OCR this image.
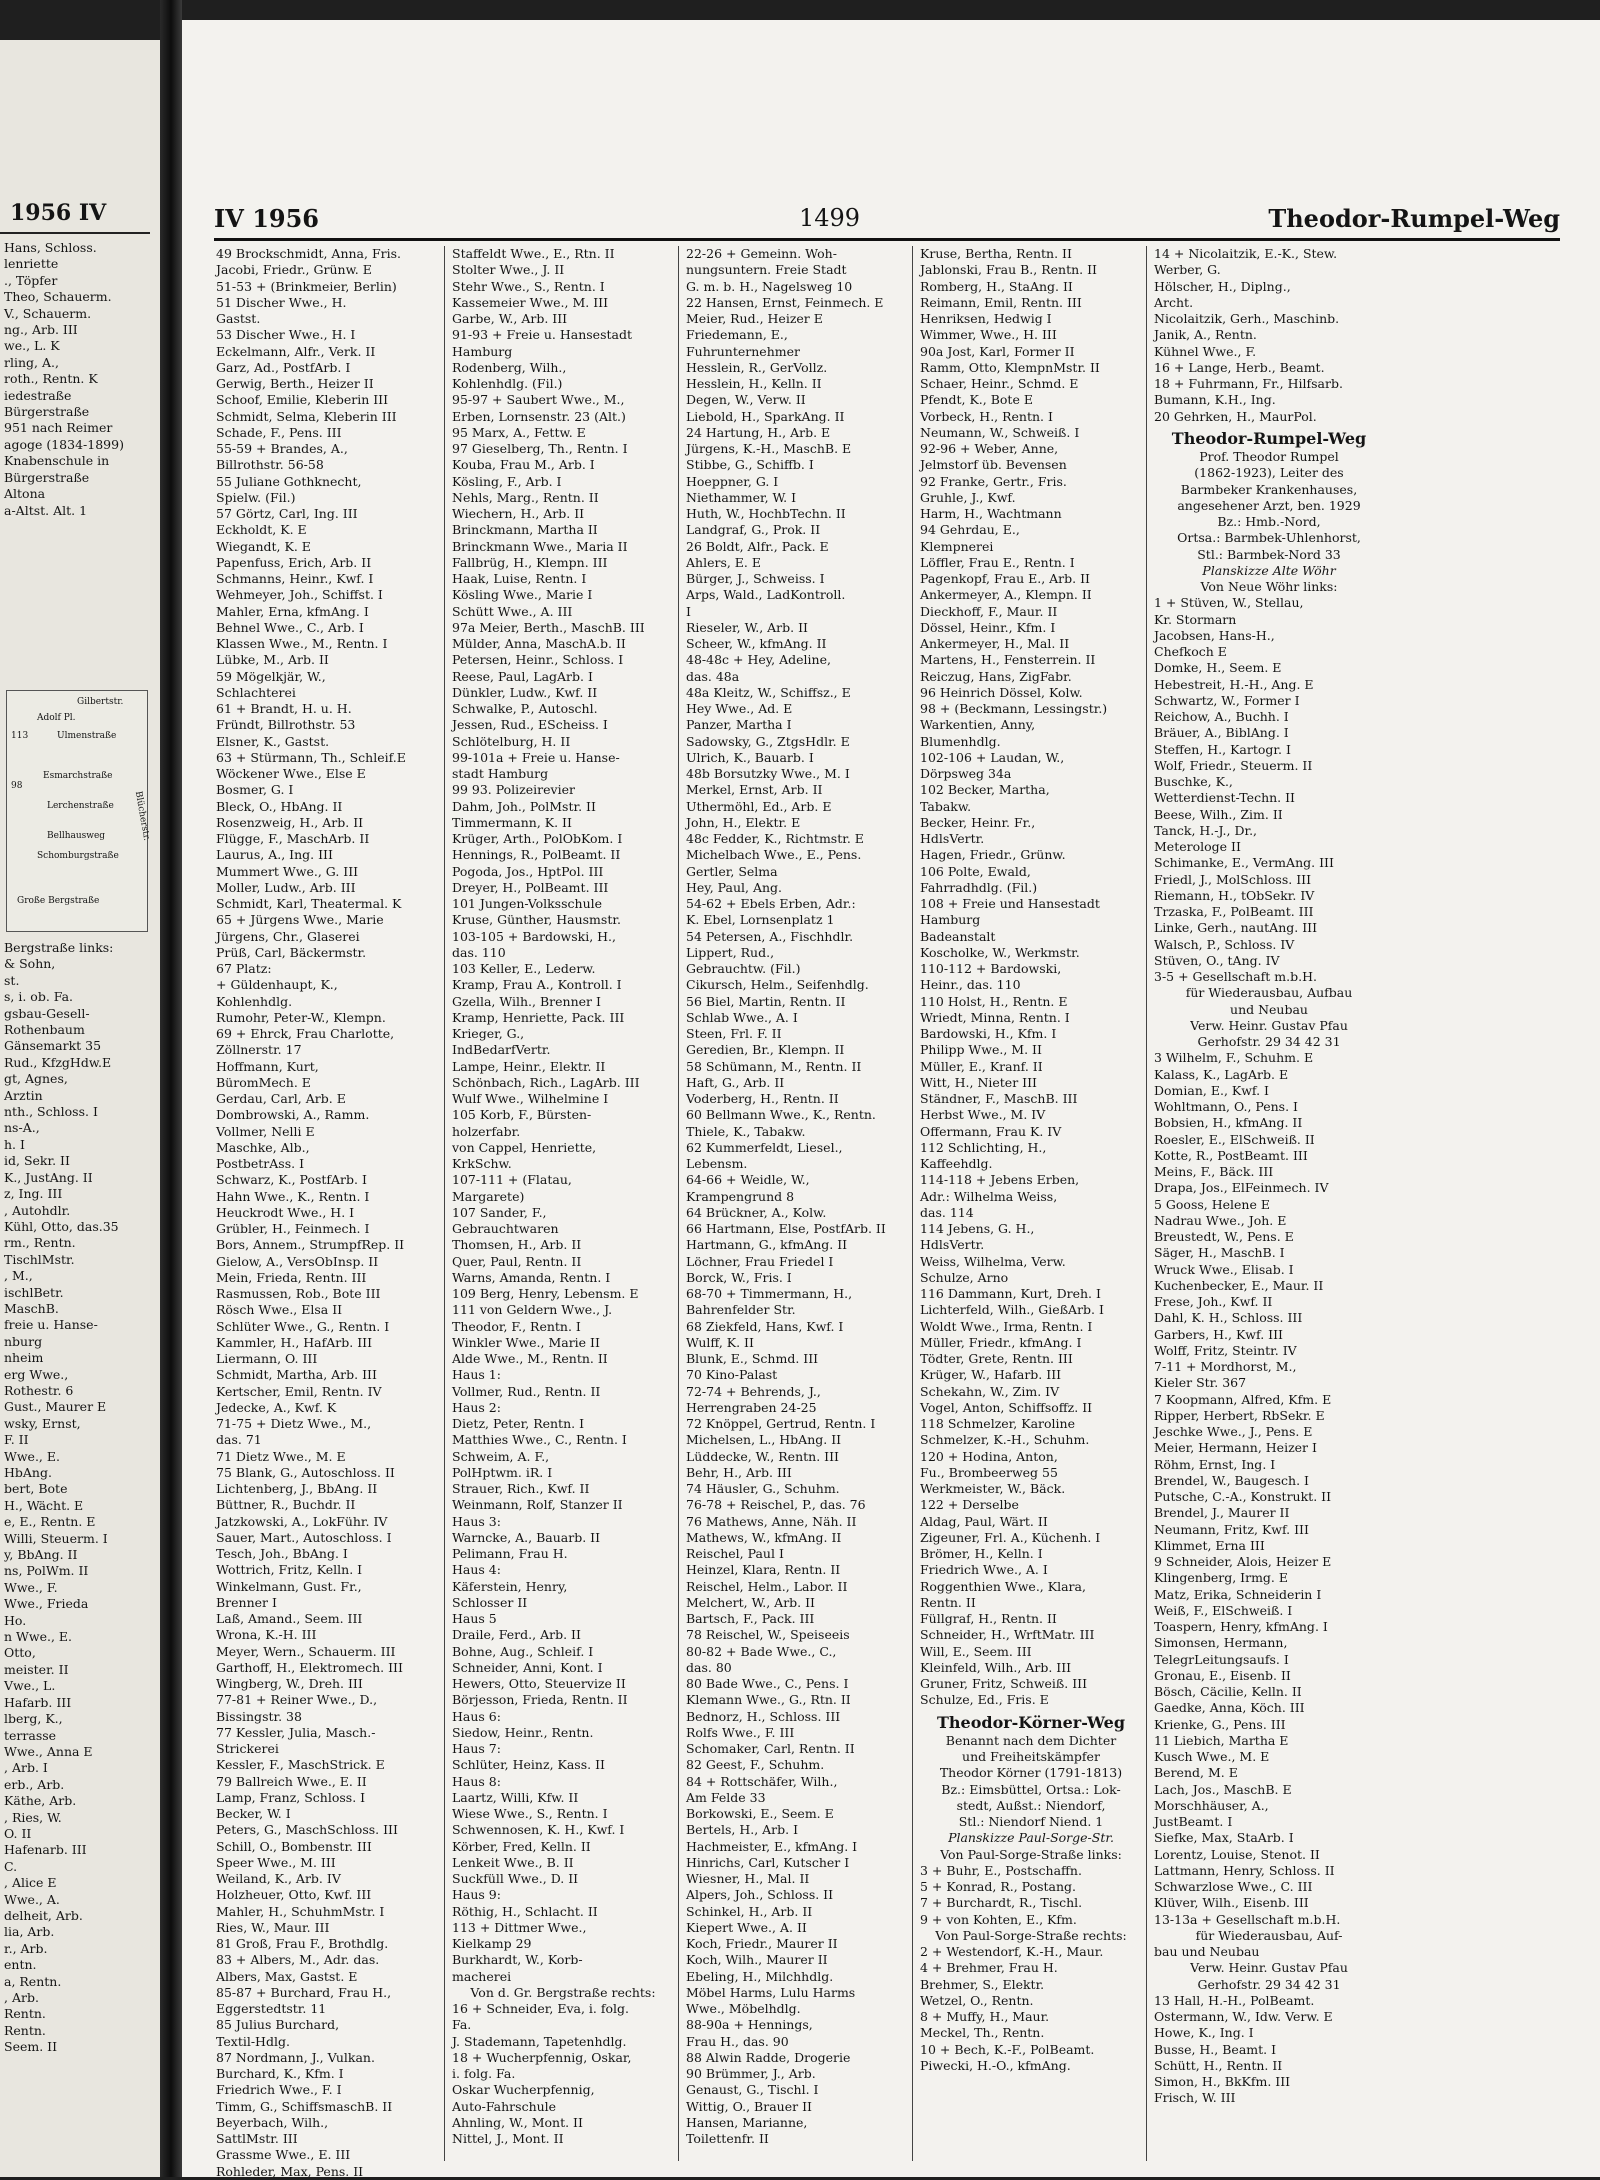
1956 IV
Hans, Schloss.
lenriette
., Töpfer
Theo, Schauerm.
V., Schauerm.
ng., Arb. III
we., L. K
rling, A.,
roth., Rentn. K
iedestraße
Bürgerstraße
951 nach Reimer
agoge (1834-1899)
Knabenschule in
Bürgerstraße
Altona
a-Altst. Alt. 1
Gilbertstr.
113
Adolf Pl.
Ulmenstraße
Esmarchstraße
98
Lerchenstraße
Bellhausweg
Schomburgstraße
Große Bergstraße
Blücherstr.
Bergstraße links:
& Sohn,
st.
s, i. ob. Fa.
gsbau-Gesell-
Rothenbaum
Gänsemarkt 35
Rud., KfzgHdw.E
gt, Agnes,
Arztin
nth., Schloss. I
ns-A.,
h. I
id, Sekr. II
K., JustAng. II
z, Ing. III
, Autohdlr.
Kühl, Otto, das.35
rm., Rentn.
TischlMstr.
, M.,
ischlBetr.
MaschB.
freie u. Hanse-
nburg
nheim
erg Wwe.,
Rothestr. 6
Gust., Maurer E
wsky, Ernst,
F. II
Wwe., E.
HbAng.
bert, Bote
H., Wächt. E
e, E., Rentn. E
Willi, Steuerm. I
y, BbAng. II
ns, PolWm. II
Wwe., F.
Wwe., Frieda
Ho.
n Wwe., E.
Otto,
meister. II
Vwe., L.
Hafarb. III
lberg, K.,
terrasse
Wwe., Anna E
, Arb. I
erb., Arb.
Käthe, Arb.
, Ries, W.
O. II
Hafenarb. III
C.
, Alice E
Wwe., A.
delheit, Arb.
lia, Arb.
r., Arb.
entn.
a, Rentn.
, Arb.
Rentn.
Rentn.
Seem. II
IV 1956	1499	Theodor-Rumpel-Weg
49 Brockschmidt, Anna, Fris.
Jacobi, Friedr., Grünw. E
51-53 + (Brinkmeier, Berlin)
51 Discher Wwe., H.
Gastst.
53 Discher Wwe., H. I
Eckelmann, Alfr., Verk. II
Garz, Ad., PostfArb. I
Gerwig, Berth., Heizer II
Schoof, Emilie, Kleberin III
Schmidt, Selma, Kleberin III
Schade, F., Pens. III
55-59 + Brandes, A.,
Billrothstr. 56-58
55 Juliane Gothknecht,
Spielw. (Fil.)
57 Görtz, Carl, Ing. III
Eckholdt, K. E
Wiegandt, K. E
Papenfuss, Erich, Arb. II
Schmanns, Heinr., Kwf. I
Wehmeyer, Joh., Schiffst. I
Mahler, Erna, kfmAng. I
Behnel Wwe., C., Arb. I
Klassen Wwe., M., Rentn. I
Lübke, M., Arb. II
59 Mögelkjär, W.,
Schlachterei
61 + Brandt, H. u. H.
Fründt, Billrothstr. 53
Elsner, K., Gastst.
63 + Stürmann, Th., Schleif.E
Wöckener Wwe., Else E
Bosmer, G. I
Bleck, O., HbAng. II
Rosenzweig, H., Arb. II
Flügge, F., MaschArb. II
Laurus, A., Ing. III
Mummert Wwe., G. III
Moller, Ludw., Arb. III
Schmidt, Karl, Theatermal. K
65 + Jürgens Wwe., Marie
Jürgens, Chr., Glaserei
Prüß, Carl, Bäckermstr.
67 Platz:
+ Güldenhaupt, K.,
Kohlenhdlg.
Rumohr, Peter-W., Klempn.
69 + Ehrck, Frau Charlotte,
Zöllnerstr. 17
Hoffmann, Kurt,
BüromMech. E
Gerdau, Carl, Arb. E
Dombrowski, A., Ramm.
Vollmer, Nelli E
Maschke, Alb.,
PostbetrAss. I
Schwarz, K., PostfArb. I
Hahn Wwe., K., Rentn. I
Heuckrodt Wwe., H. I
Grübler, H., Feinmech. I
Bors, Annem., StrumpfRep. II
Gielow, A., VersObInsp. II
Mein, Frieda, Rentn. III
Rasmussen, Rob., Bote III
Rösch Wwe., Elsa II
Schlüter Wwe., G., Rentn. I
Kammler, H., HafArb. III
Liermann, O. III
Schmidt, Martha, Arb. III
Kertscher, Emil, Rentn. IV
Jedecke, A., Kwf. K
71-75 + Dietz Wwe., M.,
das. 71
71 Dietz Wwe., M. E
75 Blank, G., Autoschloss. II
Lichtenberg, J., BbAng. II
Büttner, R., Buchdr. II
Jatzkowski, A., LokFühr. IV
Sauer, Mart., Autoschloss. I
Tesch, Joh., BbAng. I
Wottrich, Fritz, Kelln. I
Winkelmann, Gust. Fr.,
Brenner I
Laß, Amand., Seem. III
Wrona, K.-H. III
Meyer, Wern., Schauerm. III
Garthoff, H., Elektromech. III
Wingberg, W., Dreh. III
77-81 + Reiner Wwe., D.,
Bissingstr. 38
77 Kessler, Julia, Masch.-
Strickerei
Kessler, F., MaschStrick. E
79 Ballreich Wwe., E. II
Lamp, Franz, Schloss. I
Becker, W. I
Peters, G., MaschSchloss. III
Schill, O., Bombenstr. III
Speer Wwe., M. III
Weiland, K., Arb. IV
Holzheuer, Otto, Kwf. III
Mahler, H., SchuhmMstr. I
Ries, W., Maur. III
81 Groß, Frau F., Brothdlg.
83 + Albers, M., Adr. das.
Albers, Max, Gastst. E
85-87 + Burchard, Frau H.,
Eggerstedtstr. 11
85 Julius Burchard,
Textil-Hdlg.
87 Nordmann, J., Vulkan.
Burchard, K., Kfm. I
Friedrich Wwe., F. I
Timm, G., SchiffsmaschB. II
Beyerbach, Wilh.,
SattlMstr. III
Grassme Wwe., E. III
Rohleder, Max, Pens. II
Staffeldt Wwe., E., Rtn. II
Stolter Wwe., J. II
Stehr Wwe., S., Rentn. I
Kassemeier Wwe., M. III
Garbe, W., Arb. III
91-93 + Freie u. Hansestadt
Hamburg
Rodenberg, Wilh.,
Kohlenhdlg. (Fil.)
95-97 + Saubert Wwe., M.,
Erben, Lornsenstr. 23 (Alt.)
95 Marx, A., Fettw. E
97 Gieselberg, Th., Rentn. I
Kouba, Frau M., Arb. I
Kösling, F., Arb. I
Nehls, Marg., Rentn. II
Wiechern, H., Arb. II
Brinckmann, Martha II
Brinckmann Wwe., Maria II
Fallbrüg, H., Klempn. III
Haak, Luise, Rentn. I
Kösling Wwe., Marie I
Schütt Wwe., A. III
97a Meier, Berth., MaschB. III
Mülder, Anna, MaschA.b. II
Petersen, Heinr., Schloss. I
Reese, Paul, LagArb. I
Dünkler, Ludw., Kwf. II
Schwalke, P., Autoschl.
Jessen, Rud., EScheiss. I
Schlötelburg, H. II
99-101a + Freie u. Hanse-
stadt Hamburg
99 93. Polizeirevier
Dahm, Joh., PolMstr. II
Timmermann, K. II
Krüger, Arth., PolObKom. I
Hennings, R., PolBeamt. II
Pogoda, Jos., HptPol. III
Dreyer, H., PolBeamt. III
101 Jungen-Volksschule
Kruse, Günther, Hausmstr.
103-105 + Bardowski, H.,
das. 110
103 Keller, E., Lederw.
Kramp, Frau A., Kontroll. I
Gzella, Wilh., Brenner I
Kramp, Henriette, Pack. III
Krieger, G.,
IndBedarfVertr.
Lampe, Heinr., Elektr. II
Schönbach, Rich., LagArb. III
Wulf Wwe., Wilhelmine I
105 Korb, F., Bürsten-
holzerfabr.
von Cappel, Henriette,
KrkSchw.
107-111 + (Flatau,
Margarete)
107 Sander, F.,
Gebrauchtwaren
Thomsen, H., Arb. II
Quer, Paul, Rentn. II
Warns, Amanda, Rentn. I
109 Berg, Henry, Lebensm. E
111 von Geldern Wwe., J.
Theodor, F., Rentn. I
Winkler Wwe., Marie II
Alde Wwe., M., Rentn. II
Haus 1:
Vollmer, Rud., Rentn. II
Haus 2:
Dietz, Peter, Rentn. I
Matthies Wwe., C., Rentn. I
Schweim, A. F.,
PolHptwm. iR. I
Strauer, Rich., Kwf. II
Weinmann, Rolf, Stanzer II
Haus 3:
Warncke, A., Bauarb. II
Pelimann, Frau H.
Haus 4:
Käferstein, Henry,
Schlosser II
Haus 5
Draile, Ferd., Arb. II
Bohne, Aug., Schleif. I
Schneider, Anni, Kont. I
Hewers, Otto, Steuervize II
Börjesson, Frieda, Rentn. II
Haus 6:
Siedow, Heinr., Rentn.
Haus 7:
Schlüter, Heinz, Kass. II
Haus 8:
Laartz, Willi, Kfw. II
Wiese Wwe., S., Rentn. I
Schwennosen, K. H., Kwf. I
Körber, Fred, Kelln. II
Lenkeit Wwe., B. II
Suckfüll Wwe., D. II
Haus 9:
Röthig, H., Schlacht. II
113 + Dittmer Wwe.,
Kielkamp 29
Burkhardt, W., Korb-
macherei
Von d. Gr. Bergstraße rechts:
16 + Schneider, Eva, i. folg.
Fa.
J. Stademann, Tapetenhdlg.
18 + Wucherpfennig, Oskar,
i. folg. Fa.
Oskar Wucherpfennig,
Auto-Fahrschule
Ahnling, W., Mont. II
Nittel, J., Mont. II
22-26 + Gemeinn. Woh-
nungsuntern. Freie Stadt
G. m. b. H., Nagelsweg 10
22 Hansen, Ernst, Feinmech. E
Meier, Rud., Heizer E
Friedemann, E.,
Fuhrunternehmer
Hesslein, R., GerVollz.
Hesslein, H., Kelln. II
Degen, W., Verw. II
Liebold, H., SparkAng. II
24 Hartung, H., Arb. E
Jürgens, K.-H., MaschB. E
Stibbe, G., Schiffb. I
Hoeppner, G. I
Niethammer, W. I
Huth, W., HochbTechn. II
Landgraf, G., Prok. II
26 Boldt, Alfr., Pack. E
Ahlers, E. E
Bürger, J., Schweiss. I
Arps, Wald., LadKontroll.
I
Rieseler, W., Arb. II
Scheer, W., kfmAng. II
48-48c + Hey, Adeline,
das. 48a
48a Kleitz, W., Schiffsz., E
Hey Wwe., Ad. E
Panzer, Martha I
Sadowsky, G., ZtgsHdlr. E
Ulrich, K., Bauarb. I
48b Borsutzky Wwe., M. I
Merkel, Ernst, Arb. II
Uthermöhl, Ed., Arb. E
John, H., Elektr. E
48c Fedder, K., Richtmstr. E
Michelbach Wwe., E., Pens.
Gertler, Selma
Hey, Paul, Ang.
54-62 + Ebels Erben, Adr.:
K. Ebel, Lornsenplatz 1
54 Petersen, A., Fischhdlr.
Lippert, Rud.,
Gebrauchtw. (Fil.)
Cikursch, Helm., Seifenhdlg.
56 Biel, Martin, Rentn. II
Schlab Wwe., A. I
Steen, Frl. F. II
Geredien, Br., Klempn. II
58 Schümann, M., Rentn. II
Haft, G., Arb. II
Voderberg, H., Rentn. II
60 Bellmann Wwe., K., Rentn.
Thiele, K., Tabakw.
62 Kummerfeldt, Liesel.,
Lebensm.
64-66 + Weidle, W.,
Krampengrund 8
64 Brückner, A., Kolw.
66 Hartmann, Else, PostfArb. II
Hartmann, G., kfmAng. II
Löchner, Frau Friedel I
Borck, W., Fris. I
68-70 + Timmermann, H.,
Bahrenfelder Str.
68 Ziekfeld, Hans, Kwf. I
Wulff, K. II
Blunk, E., Schmd. III
70 Kino-Palast
72-74 + Behrends, J.,
Herrengraben 24-25
72 Knöppel, Gertrud, Rentn. I
Michelsen, L., HbAng. II
Lüddecke, W., Rentn. III
Behr, H., Arb. III
74 Häusler, G., Schuhm.
76-78 + Reischel, P., das. 76
76 Mathews, Anne, Näh. II
Mathews, W., kfmAng. II
Reischel, Paul I
Heinzel, Klara, Rentn. II
Reischel, Helm., Labor. II
Melchert, W., Arb. II
Bartsch, F., Pack. III
78 Reischel, W., Speiseeis
80-82 + Bade Wwe., C.,
das. 80
80 Bade Wwe., C., Pens. I
Klemann Wwe., G., Rtn. II
Bednorz, H., Schloss. III
Rolfs Wwe., F. III
Schomaker, Carl, Rentn. II
82 Geest, F., Schuhm.
84 + Rottschäfer, Wilh.,
Am Felde 33
Borkowski, E., Seem. E
Bertels, H., Arb. I
Hachmeister, E., kfmAng. I
Hinrichs, Carl, Kutscher I
Wiesner, H., Mal. II
Alpers, Joh., Schloss. II
Schinkel, H., Arb. II
Kiepert Wwe., A. II
Koch, Friedr., Maurer II
Koch, Wilh., Maurer II
Ebeling, H., Milchhdlg.
Möbel Harms, Lulu Harms
Wwe., Möbelhdlg.
88-90a + Hennings,
Frau H., das. 90
88 Alwin Radde, Drogerie
90 Brümmer, J., Arb.
Genaust, G., Tischl. I
Wittig, O., Brauer II
Hansen, Marianne,
Toilettenfr. II
Kruse, Bertha, Rentn. II
Jablonski, Frau B., Rentn. II
Romberg, H., StaAng. II
Reimann, Emil, Rentn. III
Henriksen, Hedwig I
Wimmer, Wwe., H. III
90a Jost, Karl, Former II
Ramm, Otto, KlempnMstr. II
Schaer, Heinr., Schmd. E
Pfendt, K., Bote E
Vorbeck, H., Rentn. I
Neumann, W., Schweiß. I
92-96 + Weber, Anne,
Jelmstorf üb. Bevensen
92 Franke, Gertr., Fris.
Gruhle, J., Kwf.
Harm, H., Wachtmann
94 Gehrdau, E.,
Klempnerei
Löffler, Frau E., Rentn. I
Pagenkopf, Frau E., Arb. II
Ankermeyer, A., Klempn. II
Dieckhoff, F., Maur. II
Dössel, Heinr., Kfm. I
Ankermeyer, H., Mal. II
Martens, H., Fensterrein. II
Reiczug, Hans, ZigFabr.
96 Heinrich Dössel, Kolw.
98 + (Beckmann, Lessingstr.)
Warkentien, Anny,
Blumenhdlg.
102-106 + Laudan, W.,
Dörpsweg 34a
102 Becker, Martha,
Tabakw.
Becker, Heinr. Fr.,
HdlsVertr.
Hagen, Friedr., Grünw.
106 Polte, Ewald,
Fahrradhdlg. (Fil.)
108 + Freie und Hansestadt
Hamburg
Badeanstalt
Koscholke, W., Werkmstr.
110-112 + Bardowski,
Heinr., das. 110
110 Holst, H., Rentn. E
Wriedt, Minna, Rentn. I
Bardowski, H., Kfm. I
Philipp Wwe., M. II
Müller, E., Kranf. II
Witt, H., Nieter III
Ständner, F., MaschB. III
Herbst Wwe., M. IV
Offermann, Frau K. IV
112 Schlichting, H.,
Kaffeehdlg.
114-118 + Jebens Erben,
Adr.: Wilhelma Weiss,
das. 114
114 Jebens, G. H.,
HdlsVertr.
Weiss, Wilhelma, Verw.
Schulze, Arno
116 Dammann, Kurt, Dreh. I
Lichterfeld, Wilh., GießArb. I
Woldt Wwe., Irma, Rentn. I
Müller, Friedr., kfmAng. I
Tödter, Grete, Rentn. III
Krüger, W., Hafarb. III
Schekahn, W., Zim. IV
Vogel, Anton, Schiffsoffz. II
118 Schmelzer, Karoline
Schmelzer, K.-H., Schuhm.
120 + Hodina, Anton,
Fu., Brombeerweg 55
Werkmeister, W., Bäck.
122 + Derselbe
Aldag, Paul, Wärt. II
Zigeuner, Frl. A., Küchenh. I
Brömer, H., Kelln. I
Friedrich Wwe., A. I
Roggenthien Wwe., Klara,
Rentn. II
Füllgraf, H., Rentn. II
Schneider, H., WrftMatr. III
Will, E., Seem. III
Kleinfeld, Wilh., Arb. III
Gruner, Fritz, Schweiß. III
Schulze, Ed., Fris. E
Theodor-Körner-Weg
Benannt nach dem Dichter
und Freiheitskämpfer
Theodor Körner (1791-1813)
Bz.: Eimsbüttel, Ortsa.: Lok-
stedt, Außst.: Niendorf,
Stl.: Niendorf Niend. 1
Planskizze Paul-Sorge-Str.
Von Paul-Sorge-Straße links:
3 + Buhr, E., Postschaffn.
5 + Konrad, R., Postang.
7 + Burchardt, R., Tischl.
9 + von Kohten, E., Kfm.
Von Paul-Sorge-Straße rechts:
2 + Westendorf, K.-H., Maur.
4 + Brehmer, Frau H.
Brehmer, S., Elektr.
Wetzel, O., Rentn.
8 + Muffy, H., Maur.
Meckel, Th., Rentn.
10 + Bech, K.-F., PolBeamt.
Piwecki, H.-O., kfmAng.
14 + Nicolaitzik, E.-K., Stew.
Werber, G.
Hölscher, H., Diplng.,
Archt.
Nicolaitzik, Gerh., Maschinb.
Janik, A., Rentn.
Kühnel Wwe., F.
16 + Lange, Herb., Beamt.
18 + Fuhrmann, Fr., Hilfsarb.
Bumann, K.H., Ing.
20 Gehrken, H., MaurPol.
Theodor-Rumpel-Weg
Prof. Theodor Rumpel
(1862-1923), Leiter des
Barmbeker Krankenhauses,
angesehener Arzt, ben. 1929
Bz.: Hmb.-Nord,
Ortsa.: Barmbek-Uhlenhorst,
Stl.: Barmbek-Nord 33
Planskizze Alte Wöhr
Von Neue Wöhr links:
1 + Stüven, W., Stellau,
Kr. Stormarn
Jacobsen, Hans-H.,
Chefkoch E
Domke, H., Seem. E
Hebestreit, H.-H., Ang. E
Schwartz, W., Former I
Reichow, A., Buchh. I
Bräuer, A., BiblAng. I
Steffen, H., Kartogr. I
Wolf, Friedr., Steuerm. II
Buschke, K.,
Wetterdienst-Techn. II
Beese, Wilh., Zim. II
Tanck, H.-J., Dr.,
Meterologe II
Schimanke, E., VermAng. III
Friedl, J., MolSchloss. III
Riemann, H., tObSekr. IV
Trzaska, F., PolBeamt. III
Linke, Gerh., nautAng. III
Walsch, P., Schloss. IV
Stüven, O., tAng. IV
3-5 + Gesellschaft m.b.H.
für Wiederausbau, Aufbau
und Neubau
Verw. Heinr. Gustav Pfau
Gerhofstr. 29 34 42 31
3 Wilhelm, F., Schuhm. E
Kalass, K., LagArb. E
Domian, E., Kwf. I
Wohltmann, O., Pens. I
Bobsien, H., kfmAng. II
Roesler, E., ElSchweiß. II
Kotte, R., PostBeamt. III
Meins, F., Bäck. III
Drapa, Jos., ElFeinmech. IV
5 Gooss, Helene E
Nadrau Wwe., Joh. E
Breustedt, W., Pens. E
Säger, H., MaschB. I
Wruck Wwe., Elisab. I
Kuchenbecker, E., Maur. II
Frese, Joh., Kwf. II
Dahl, K. H., Schloss. III
Garbers, H., Kwf. III
Wolff, Fritz, Steintr. IV
7-11 + Mordhorst, M.,
Kieler Str. 367
7 Koopmann, Alfred, Kfm. E
Ripper, Herbert, RbSekr. E
Jeschke Wwe., J., Pens. E
Meier, Hermann, Heizer I
Röhm, Ernst, Ing. I
Brendel, W., Baugesch. I
Putsche, C.-A., Konstrukt. II
Brendel, J., Maurer II
Neumann, Fritz, Kwf. III
Klimmet, Erna III
9 Schneider, Alois, Heizer E
Klingenberg, Irmg. E
Matz, Erika, Schneiderin I
Weiß, F., ElSchweiß. I
Toaspern, Henry, kfmAng. I
Simonsen, Hermann,
TelegrLeitungsaufs. I
Gronau, E., Eisenb. II
Bösch, Cäcilie, Kelln. II
Gaedke, Anna, Köch. III
Krienke, G., Pens. III
11 Liebich, Martha E
Kusch Wwe., M. E
Berend, M. E
Lach, Jos., MaschB. E
Morschhäuser, A.,
JustBeamt. I
Siefke, Max, StaArb. I
Lorentz, Louise, Stenot. II
Lattmann, Henry, Schloss. II
Schwarzlose Wwe., C. III
Klüver, Wilh., Eisenb. III
13-13a + Gesellschaft m.b.H.
für Wiederausbau, Auf-
bau und Neubau
Verw. Heinr. Gustav Pfau
Gerhofstr. 29 34 42 31
13 Hall, H.-H., PolBeamt.
Ostermann, W., Idw. Verw. E
Howe, K., Ing. I
Busse, H., Beamt. I
Schütt, H., Rentn. II
Simon, H., BkKfm. III
Frisch, W. III
